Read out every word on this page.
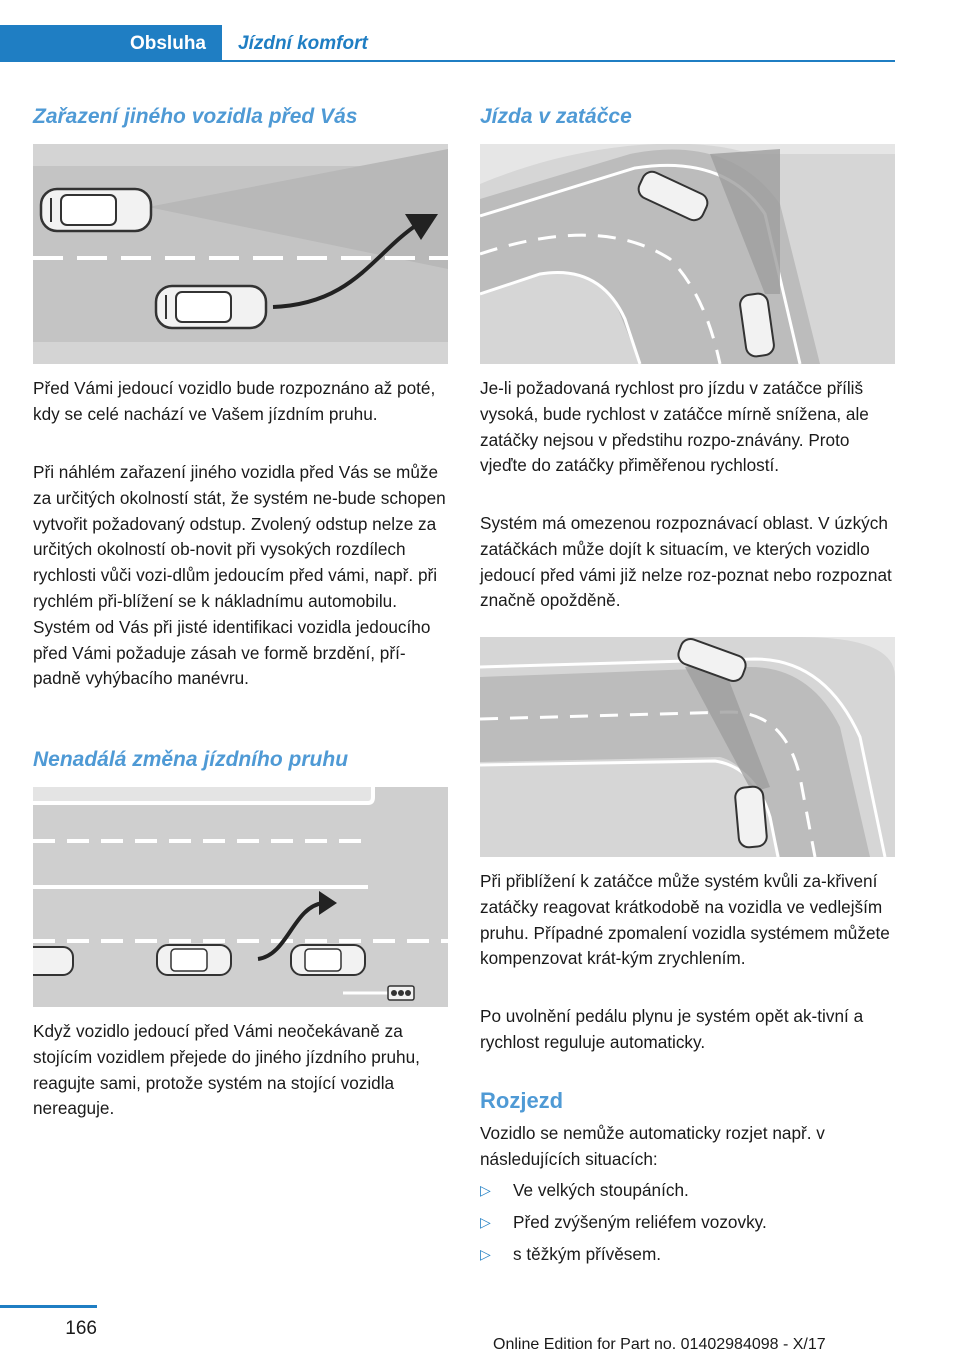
Obsluha Jízdní komfort
Zařazení jiného vozidla před Vás

Před Vámi jedoucí vozidlo bude rozpoznáno až poté, kdy se celé nachází ve Vašem jízdním pruhu.

Při náhlém zařazení jiného vozidla před Vás se může za určitých okolností stát, že systém ne-bude schopen vytvořit požadovaný odstup. Zvolený odstup nelze za určitých okolností ob-novit při vysokých rozdílech rychlosti vůči vozi-dlům jedoucím před vámi, např. při rychlém při-blížení se k nákladnímu automobilu. Systém od Vás při jisté identifikaci vozidla jedoucího před Vámi požaduje zásah ve formě brzdění, pří-padně vyhýbacího manévru.

Nenadálá změna jízdního pruhu

Když vozidlo jedoucí před Vámi neočekávaně za stojícím vozidlem přejede do jiného jízdního pruhu, reagujte sami, protože systém na stojící vozidla nereaguje.

Jízda v zatáčce

Je-li požadovaná rychlost pro jízdu v zatáčce příliš vysoká, bude rychlost v zatáčce mírně snížena, ale zatáčky nejsou v předstihu rozpo-znávány. Proto vjeďte do zatáčky přiměřenou rychlostí.

Systém má omezenou rozpoznávací oblast. V úzkých zatáčkách může dojít k situacím, ve kterých vozidlo jedoucí před vámi již nelze roz-poznat nebo rozpoznat značně opožděně.

Při přiblížení k zatáčce může systém kvůli za-křivení zatáčky reagovat krátkodobě na vozidla ve vedlejším pruhu. Případné zpomalení vozidla systémem můžete kompenzovat krát-kým zrychlením.

Po uvolnění pedálu plynu je systém opět ak-tivní a rychlost reguluje automaticky.

Rozjezd

Vozidlo se nemůže automaticky rozjet např. v následujících situacích:

▷ Ve velkých stoupáních.
▷ Před zvýšeným reliéfem vozovky.
▷ s těžkým přívěsem.
166
Online Edition for Part no. 01402984098 - X/17
